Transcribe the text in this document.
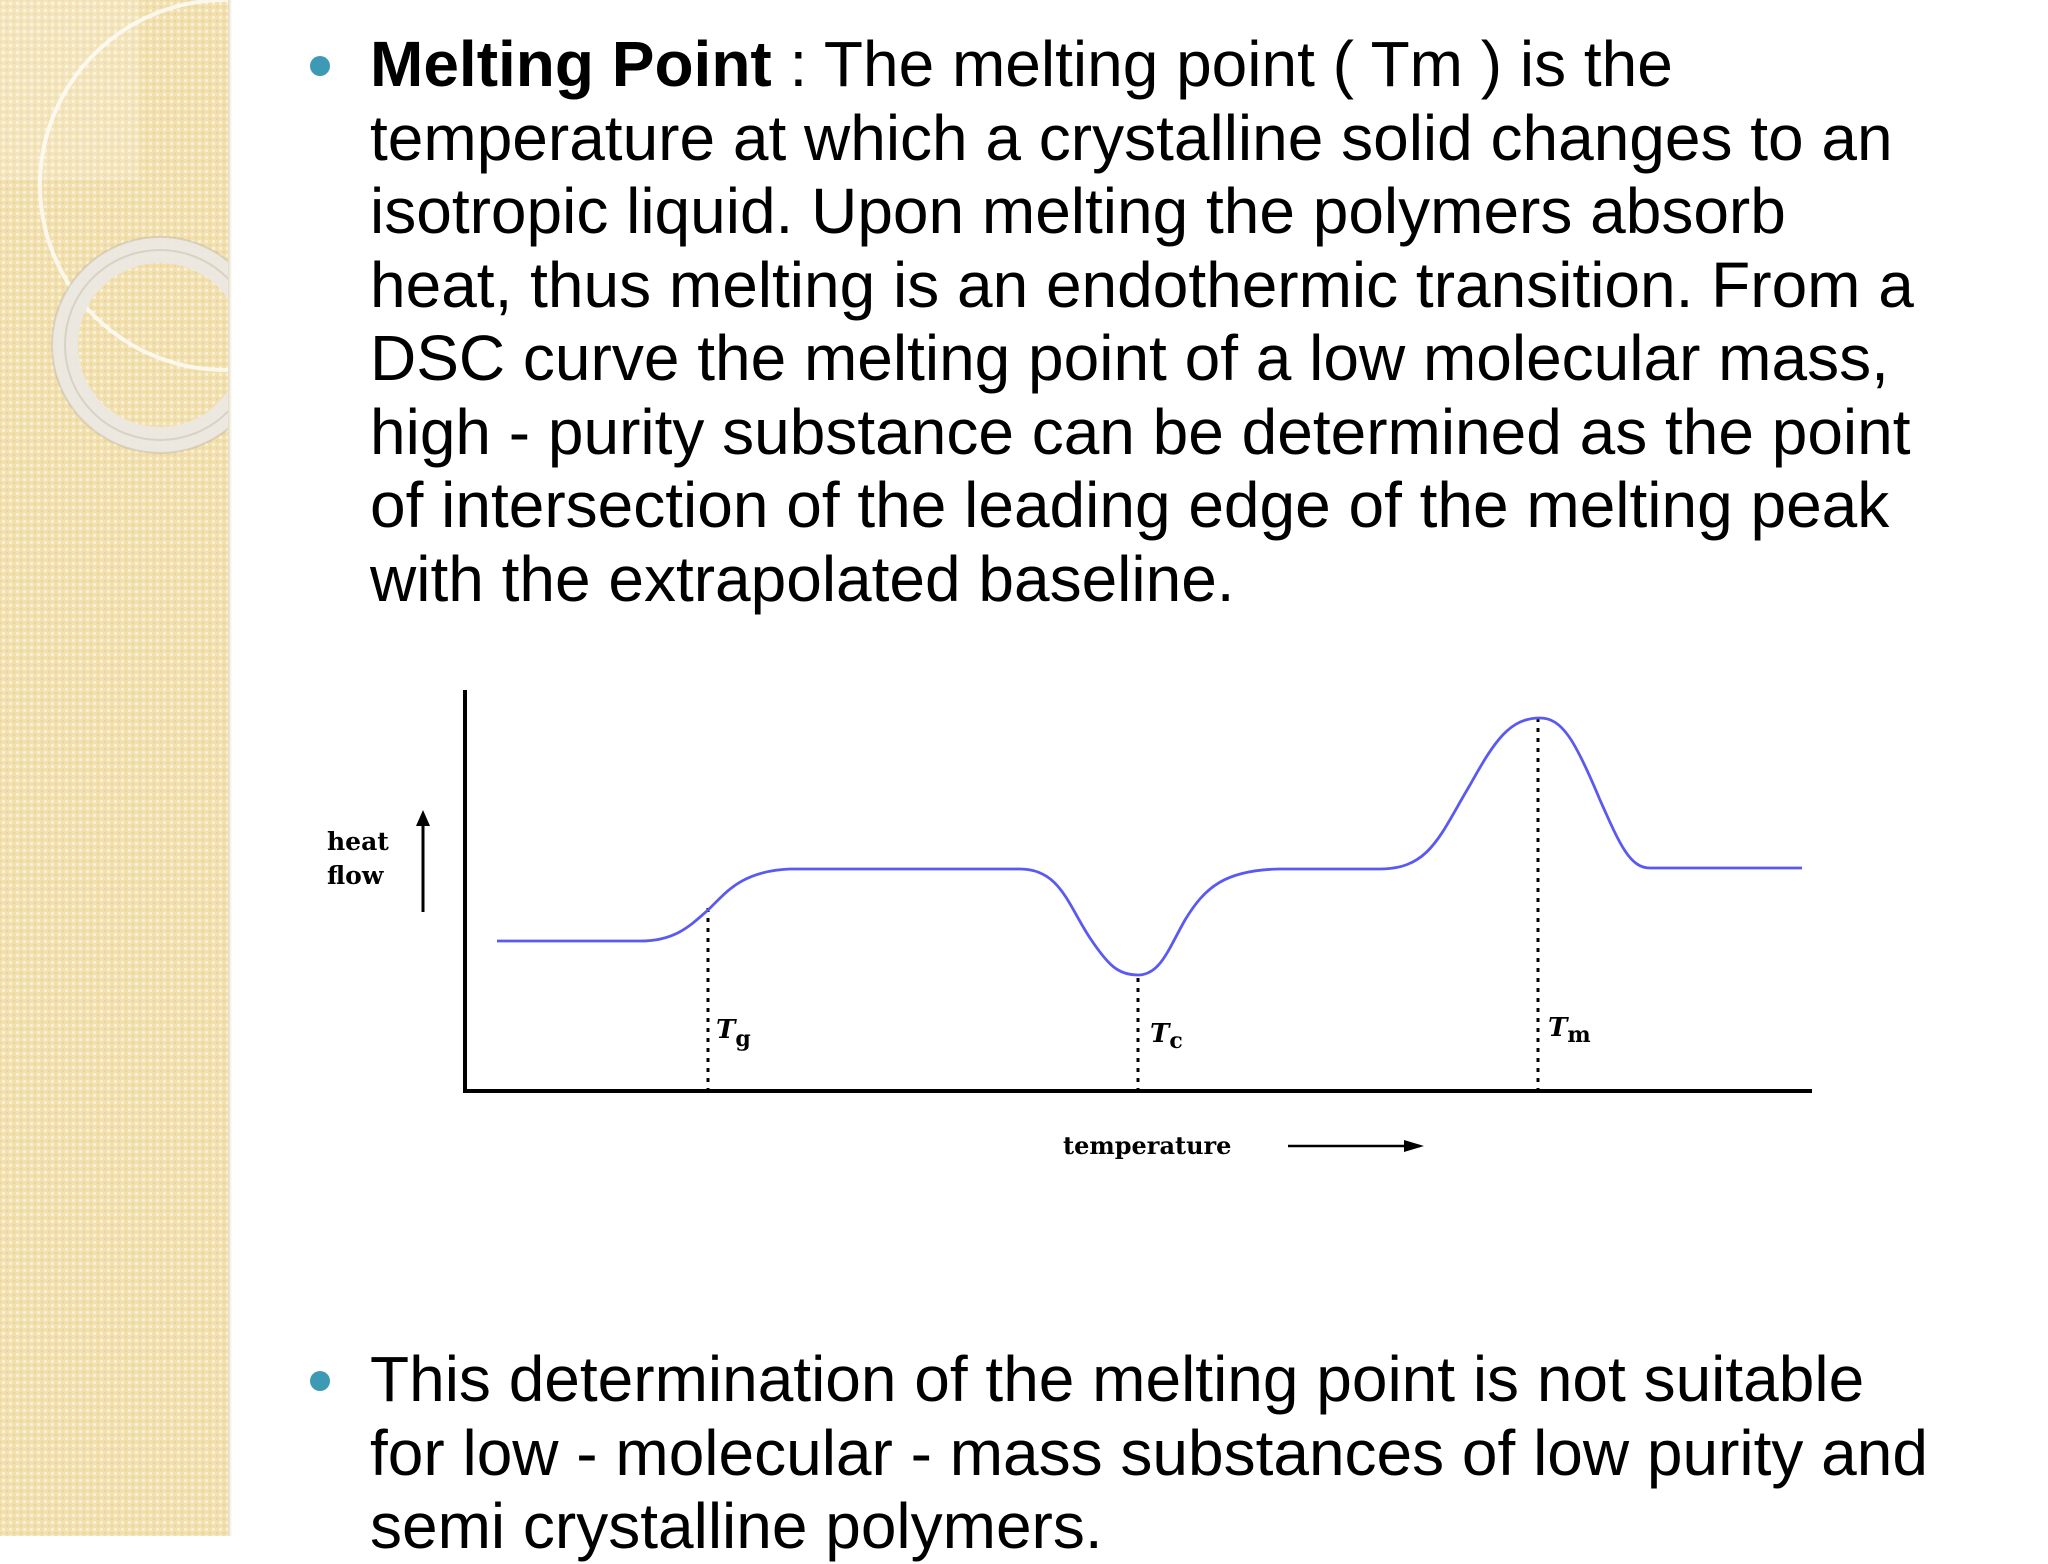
Melting Point : The melting point ( Tm ) is the temperature at which a crystalline solid changes to an isotropic liquid. Upon melting the polymers absorb heat, thus melting is an endothermic transition. From a DSC curve the melting point of a low molecular mass, high - purity substance can be determined as the point of intersection of the leading edge of the melting peak with the extrapolated baseline.
heat
flow
$T_g$	$T_c$	$T_m$
temperature
This determination of the melting point is not suitable for low - molecular - mass substances of low purity and semi crystalline polymers.
